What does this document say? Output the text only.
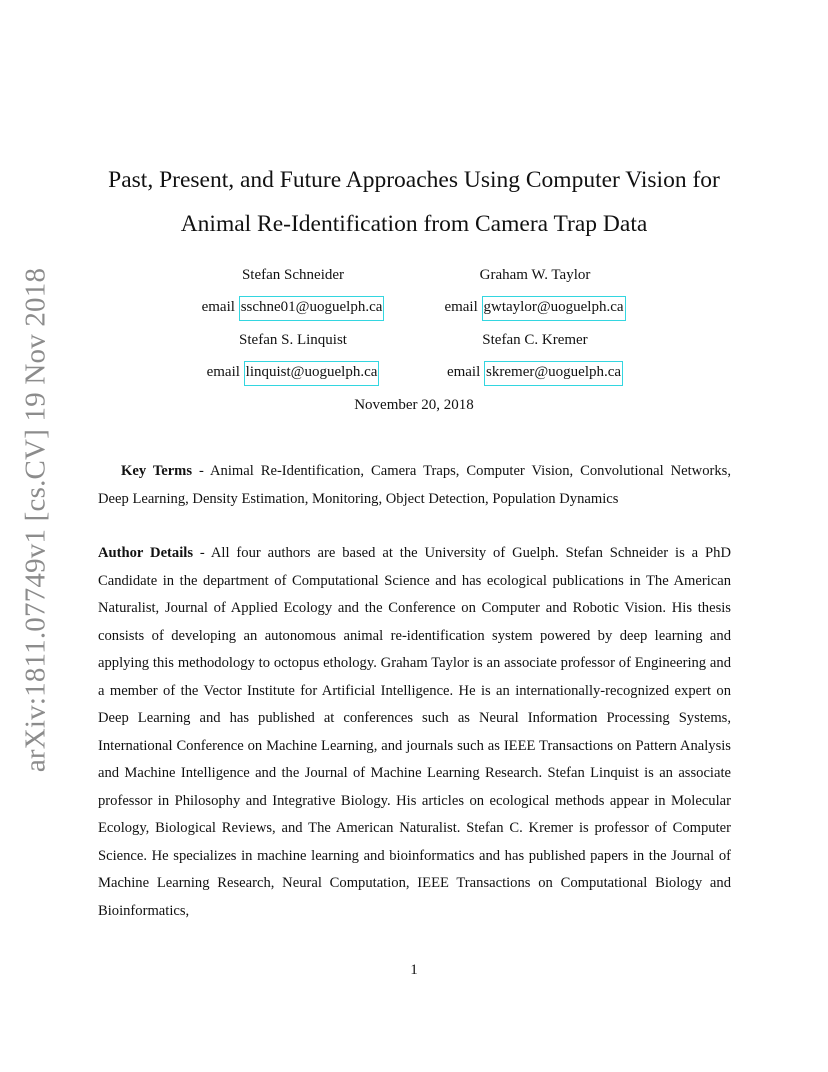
arXiv:1811.07749v1 [cs.CV] 19 Nov 2018
Past, Present, and Future Approaches Using Computer Vision for
Animal Re-Identification from Camera Trap Data
Stefan Schneider
email sschne01@uoguelph.ca
Graham W. Taylor
email gwtaylor@uoguelph.ca
Stefan S. Linquist
email linquist@uoguelph.ca
Stefan C. Kremer
email skremer@uoguelph.ca
November 20, 2018
Key Terms - Animal Re-Identification, Camera Traps, Computer Vision, Convolutional Networks, Deep Learning, Density Estimation, Monitoring, Object Detection, Population Dynamics
Author Details - All four authors are based at the University of Guelph. Stefan Schneider is a PhD Candidate in the department of Computational Science and has ecological publications in The American Naturalist, Journal of Applied Ecology and the Conference on Computer and Robotic Vision. His thesis consists of developing an autonomous animal re-identification system powered by deep learning and applying this methodology to octopus ethology. Graham Taylor is an associate professor of Engineering and a member of the Vector Institute for Artificial Intelligence. He is an internationally-recognized expert on Deep Learning and has published at conferences such as Neural Information Processing Systems, International Conference on Machine Learning, and journals such as IEEE Transactions on Pattern Analysis and Machine Intelligence and the Journal of Machine Learning Research. Stefan Linquist is an associate professor in Philosophy and Integrative Biology. His articles on ecological methods appear in Molecular Ecology, Biological Reviews, and The American Naturalist. Stefan C. Kremer is professor of Computer Science. He specializes in machine learning and bioinformatics and has published papers in the Journal of Machine Learning Research, Neural Computation, IEEE Transactions on Computational Biology and Bioinformatics,
1
